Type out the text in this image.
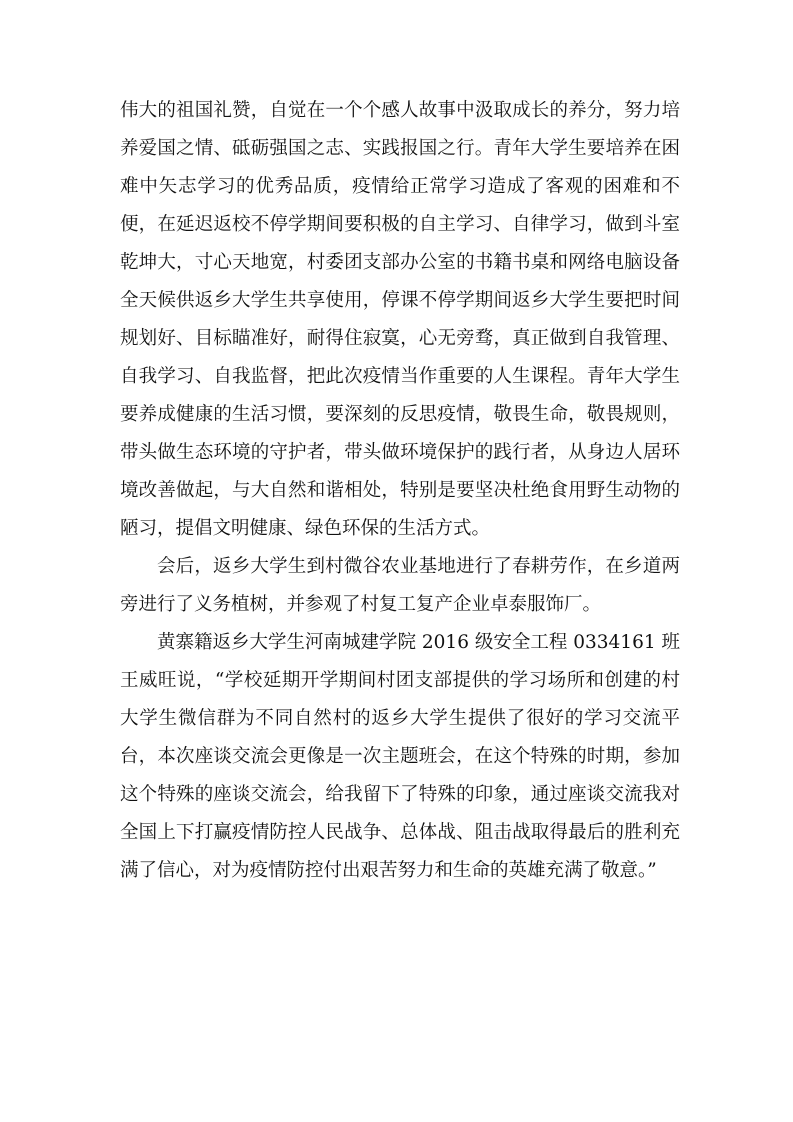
伟大的祖国礼赞，自觉在一个个感人故事中汲取成长的养分，努力培养爱国之情、砥砺强国之志、实践报国之行。青年大学生要培养在困难中矢志学习的优秀品质，疫情给正常学习造成了客观的困难和不便，在延迟返校不停学期间要积极的自主学习、自律学习，做到斗室乾坤大，寸心天地宽，村委团支部办公室的书籍书桌和网络电脑设备全天候供返乡大学生共享使用，停课不停学期间返乡大学生要把时间规划好、目标瞄准好，耐得住寂寞，心无旁骛，真正做到自我管理、自我学习、自我监督，把此次疫情当作重要的人生课程。青年大学生要养成健康的生活习惯，要深刻的反思疫情，敬畏生命，敬畏规则，带头做生态环境的守护者，带头做环境保护的践行者，从身边人居环境改善做起，与大自然和谐相处，特别是要坚决杜绝食用野生动物的陋习，提倡文明健康、绿色环保的生活方式。

会后，返乡大学生到村微谷农业基地进行了春耕劳作，在乡道两旁进行了义务植树，并参观了村复工复产企业卓泰服饰厂。

黄寨籍返乡大学生河南城建学院 2016 级安全工程 0334161 班王威旺说，“学校延期开学期间村团支部提供的学习场所和创建的村大学生微信群为不同自然村的返乡大学生提供了很好的学习交流平台，本次座谈交流会更像是一次主题班会，在这个特殊的时期，参加这个特殊的座谈交流会，给我留下了特殊的印象，通过座谈交流我对全国上下打赢疫情防控人民战争、总体战、阻击战取得最后的胜利充满了信心，对为疫情防控付出艰苦努力和生命的英雄充满了敬意。”
